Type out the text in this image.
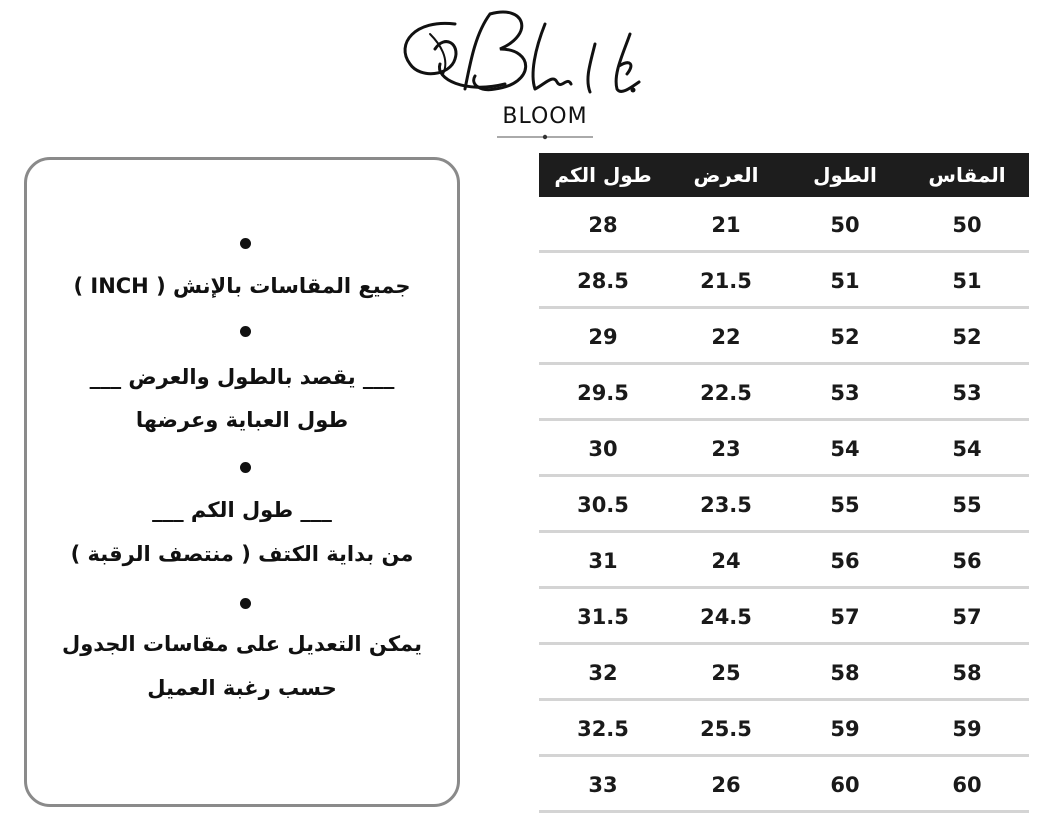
BLOOM
جميع المقاسات بالإنش ( INCH )
___ يقصد بالطول والعرض ___
طول العباية وعرضها
___ طول الكم ___
من بداية الكتف ( منتصف الرقبة )
يمكن التعديل على مقاسات الجدول
حسب رغبة العميل
طول الكم	العرض	الطول	المقاس
28	21	50	50
28.5	21.5	51	51
29	22	52	52
29.5	22.5	53	53
30	23	54	54
30.5	23.5	55	55
31	24	56	56
31.5	24.5	57	57
32	25	58	58
32.5	25.5	59	59
33	26	60	60
